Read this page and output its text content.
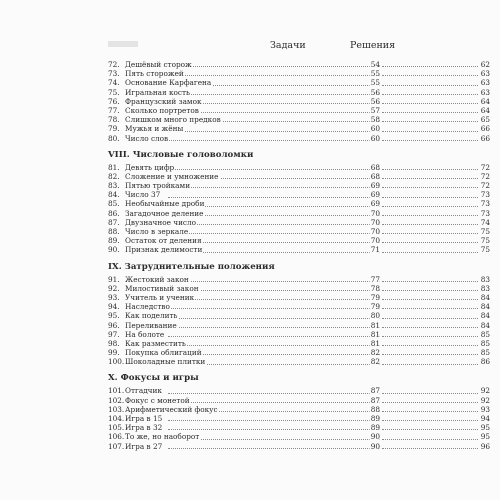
Задачи	Решения
72. Дешёвый сторож	54	62
73. Пять сторожей	55	63
74. Основание Карфагена	55	63
75. Игральная кость	56	63
76. Французский замок	56	64
77. Сколько портретов	57	64
78. Слишком много предков	58	65
79. Мужья и жёны	60	66
80. Число слов	60	66
VIII. Числовые головоломки
81. Девять цифр	68	72
82. Сложение и умножение	68	72
83. Пятью тройками	69	72
84. Число 37	69	73
85. Необычайные дроби	69	73
86. Загадочное деление	70	73
87. Двузначное число	70	74
88. Число в зеркале	70	75
89. Остаток от деления	70	75
90. Признак делимости	71	75
IX. Затруднительные положения
91. Жестокий закон	77	83
92. Милостивый закон	78	83
93. Учитель и ученик	79	84
94. Наследство	79	84
95. Как поделить	80	84
96. Переливание	81	84
97. На болоте	81	85
98. Как разместить	81	85
99. Покупка облигаций	82	85
100. Шоколадные плитки	82	86
X. Фокусы и игры
101. Отгадчик	87	92
102. Фокус с монетой	87	92
103. Арифметический фокус	88	93
104. Игра в 15	89	94
105. Игра в 32	89	95
106. То же, но наоборот	90	95
107. Игра в 27	90	96
